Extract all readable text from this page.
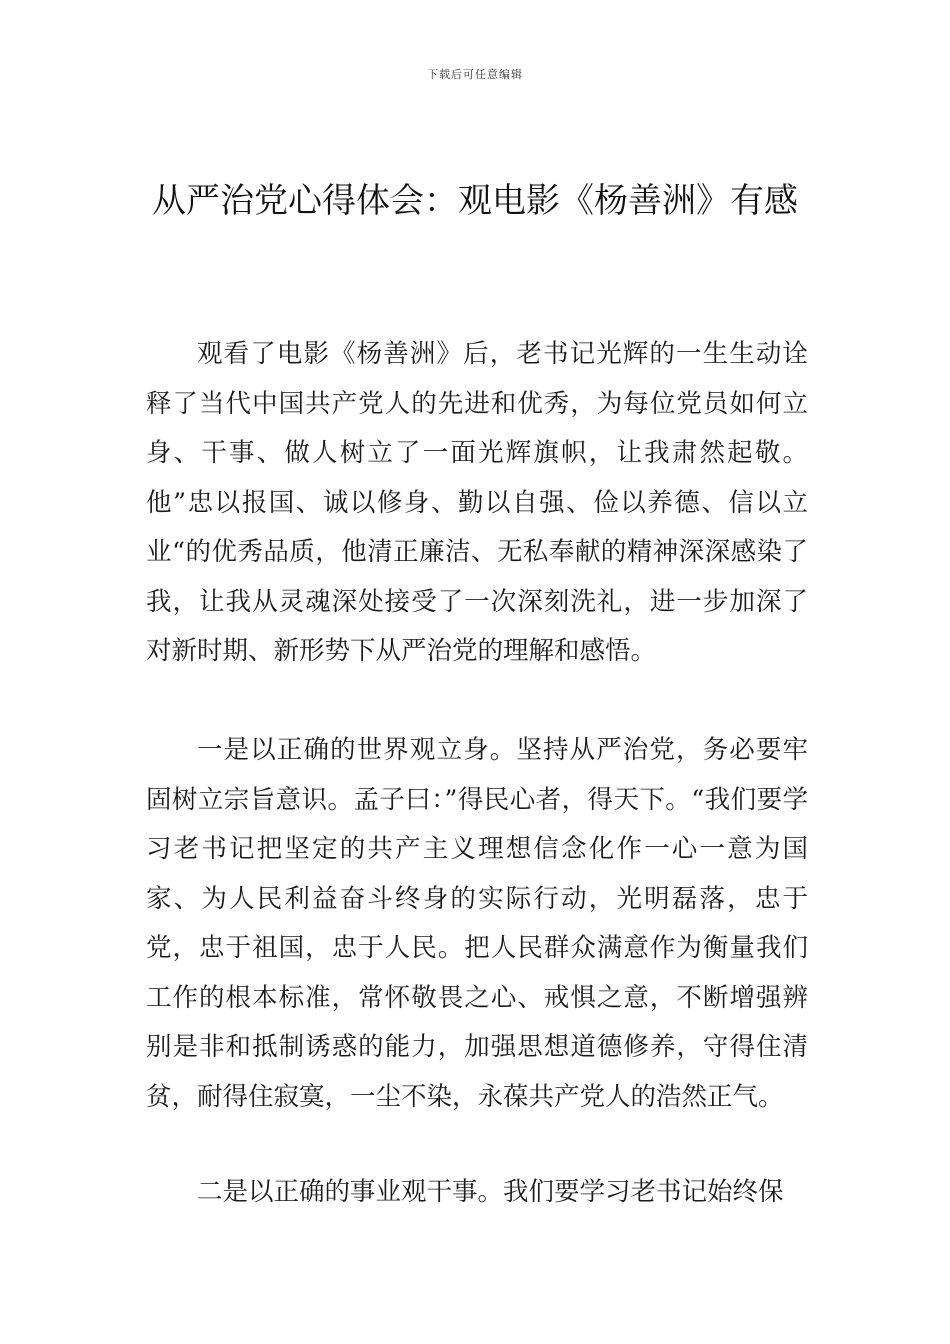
下载后可任意编辑
从严治党心得体会：观电影《杨善洲》有感

观看了电影《杨善洲》后，老书记光辉的一生生动诠释了当代中国共产党人的先进和优秀，为每位党员如何立身、干事、做人树立了一面光辉旗帜，让我肃然起敬。他”忠以报国、诚以修身、勤以自强、俭以养德、信以立业“的优秀品质，他清正廉洁、无私奉献的精神深深感染了我，让我从灵魂深处接受了一次深刻洗礼，进一步加深了对新时期、新形势下从严治党的理解和感悟。

一是以正确的世界观立身。坚持从严治党，务必要牢固树立宗旨意识。孟子曰：”得民心者，得天下。“我们要学习老书记把坚定的共产主义理想信念化作一心一意为国家、为人民利益奋斗终身的实际行动，光明磊落，忠于党，忠于祖国，忠于人民。把人民群众满意作为衡量我们工作的根本标准，常怀敬畏之心、戒惧之意，不断增强辨别是非和抵制诱惑的能力，加强思想道德修养，守得住清贫，耐得住寂寞，一尘不染，永葆共产党人的浩然正气。

二是以正确的事业观干事。我们要学习老书记始终保
